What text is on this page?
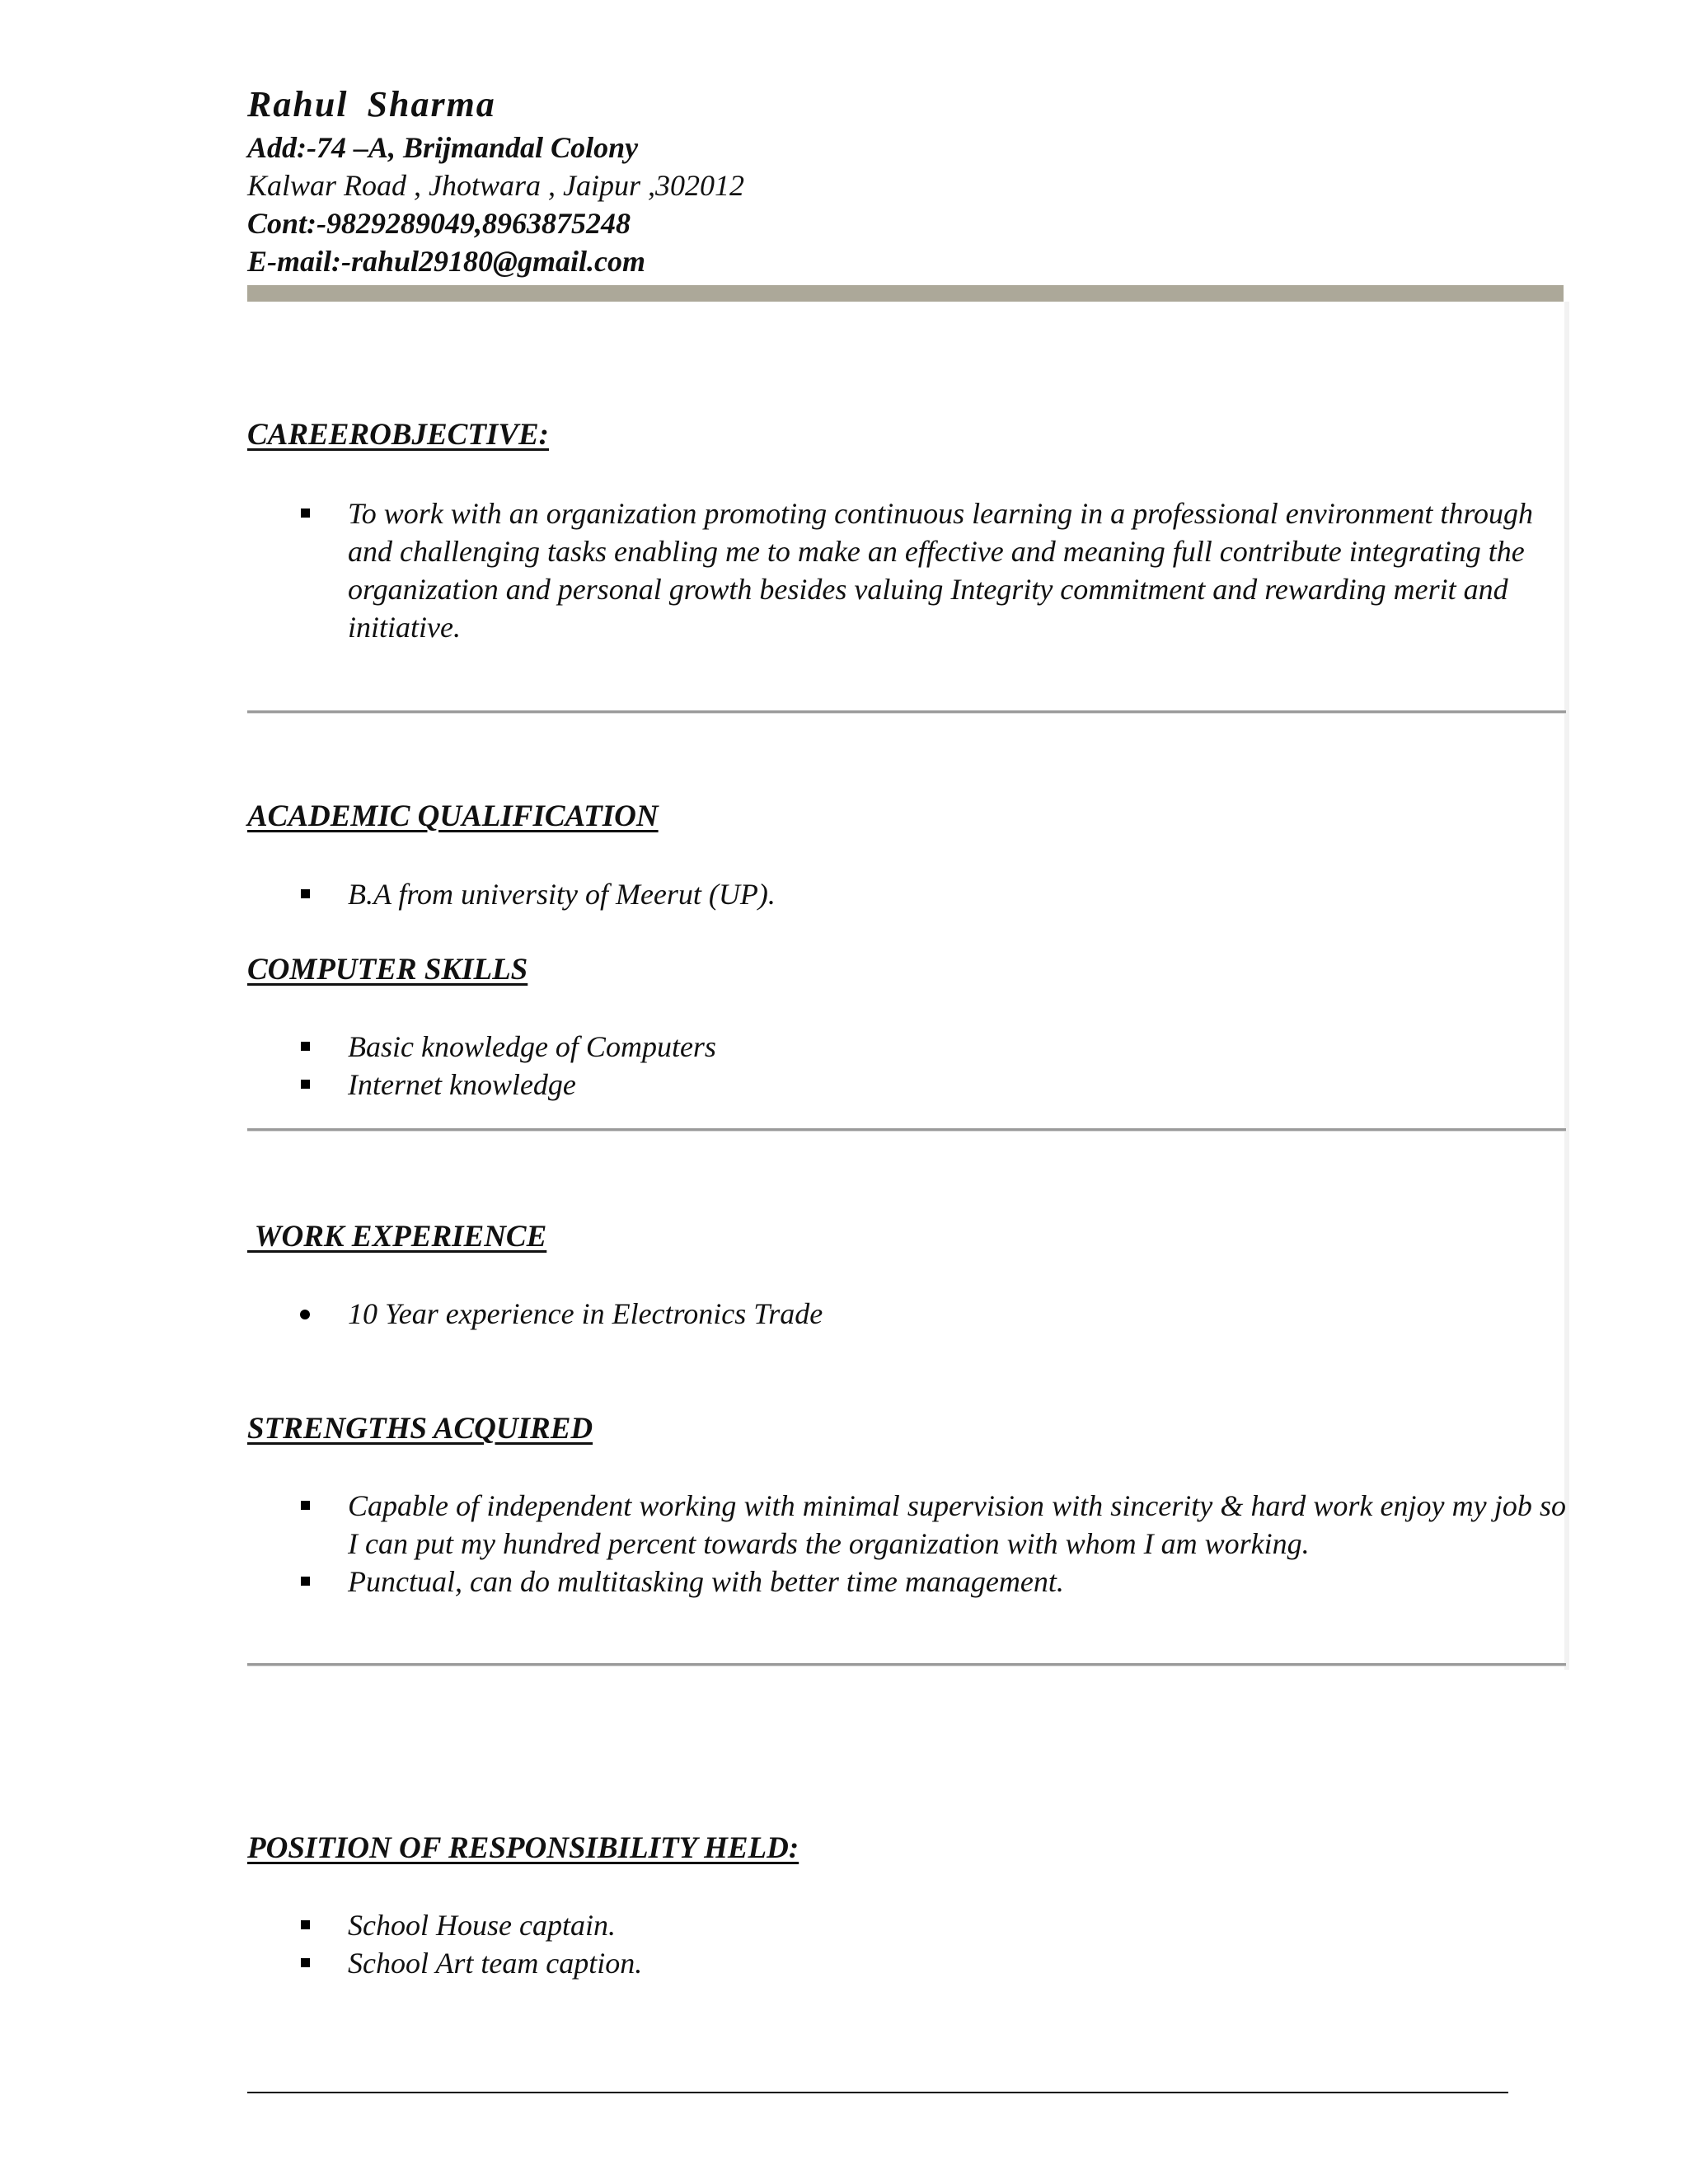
Rahul Sharma
Add:-74 –A, Brijmandal Colony
Kalwar Road , Jhotwara , Jaipur ,302012
Cont:-9829289049,8963875248
E-mail:-rahul29180@gmail.com
CAREEROBJECTIVE:
To work with an organization promoting continuous learning in a professional environment through and challenging tasks enabling me to make an effective and meaning full contribute integrating the organization and personal growth besides valuing Integrity commitment and rewarding merit and initiative.
ACADEMIC QUALIFICATION
B.A from university of Meerut (UP).
COMPUTER SKILLS
Basic knowledge of Computers
Internet knowledge
WORK EXPERIENCE
10 Year experience in Electronics Trade
STRENGTHS ACQUIRED
Capable of independent working with minimal supervision with sincerity & hard work enjoy my job so I can put my hundred percent towards the organization with whom I am working.
Punctual, can do multitasking with better time management.
POSITION OF RESPONSIBILITY HELD:
School House captain.
School Art team caption.
